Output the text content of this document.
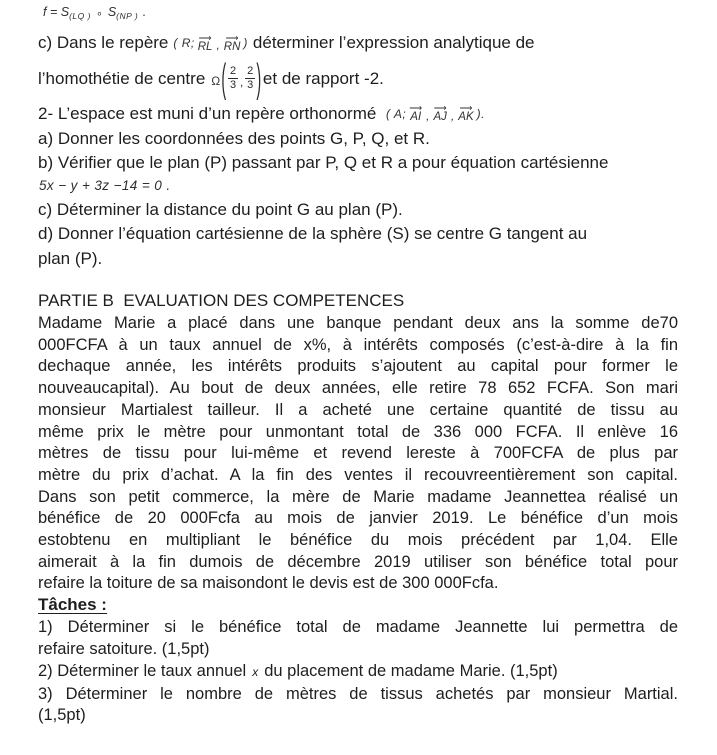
f = S (LQ ) ∘ S (NP ) .
c) Dans le repère ( R; ⟶
RL ,
⟶
RN ) déterminer l’expression analytique de
l’homothétie de centre Ω ( $\frac{2}{3}$ , $\frac{2}{3}$ ) et de rapport -2.
2- L’espace est muni d’un repère orthonormé ( A; ⟶
AI ,
⟶
AJ ,
⟶
AK ).
a) Donner les coordonnées des points G, P, Q, et R.
b) Vérifier que le plan (P) passant par P, Q et R a pour équation cartésienne
5x − y + 3z −14 = 0 .
c) Déterminer la distance du point G au plan (P).
d) Donner l’équation cartésienne de la sphère (S) se centre G tangent au
plan (P).
PARTIE B  EVALUATION DES COMPETENCES
Madame Marie a placé dans une banque pendant deux ans la somme de70
000FCFA à un taux annuel de x%, à intérêts composés (c’est-à-dire à la fin
dechaque année, les intérêts produits s’ajoutent au capital pour former le
nouveaucapital). Au bout de deux années, elle retire 78 652 FCFA. Son mari
monsieur Martialest tailleur. Il a acheté une certaine quantité de tissu au
même prix le mètre pour unmontant total de 336 000 FCFA. Il enlève 16
mètres de tissu pour lui-même et revend lereste à 700FCFA de plus par
mètre du prix d’achat. A la fin des ventes il recouvreentièrement son capital.
Dans son petit commerce, la mère de Marie madame Jeannettea réalisé un
bénéfice de 20 000Fcfa au mois de janvier 2019. Le bénéfice d’un mois
estobtenu en multipliant le bénéfice du mois précédent par 1,04. Elle
aimerait à la fin dumois de décembre 2019 utiliser son bénéfice total pour
refaire la toiture de sa maisondont le devis est de 300 000Fcfa.
Tâches :
1) Déterminer si le bénéfice total de madame Jeannette lui permettra de
refaire satoiture. (1,5pt)
2) Déterminer le taux annuel x du placement de madame Marie. (1,5pt)
3) Déterminer le nombre de mètres de tissus achetés par monsieur Martial.
(1,5pt)
